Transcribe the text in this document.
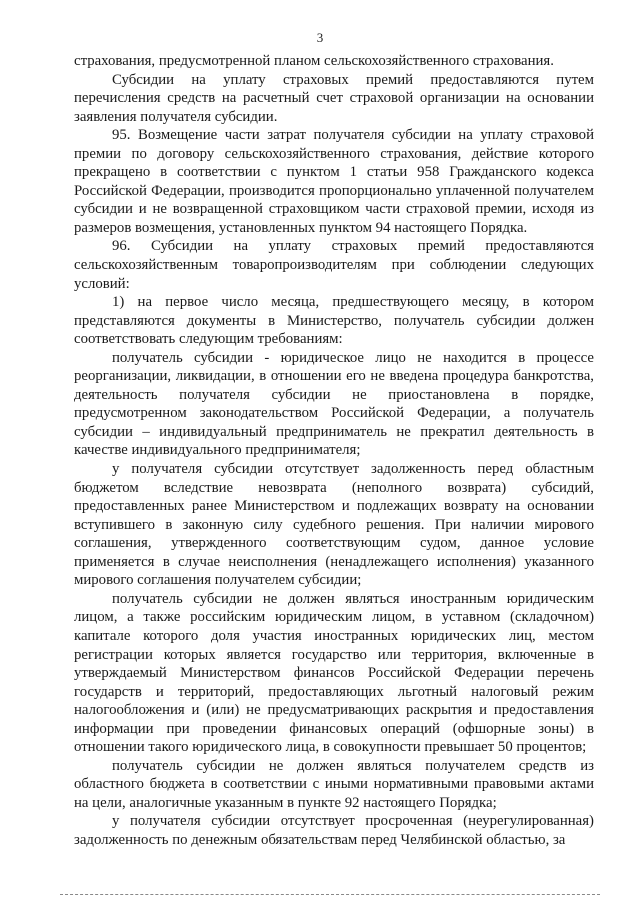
3

страхования, предусмотренной планом сельскохозяйственного страхования.

Субсидии на уплату страховых премий предоставляются путем перечисления средств на расчетный счет страховой организации на основании заявления получателя субсидии.

95. Возмещение части затрат получателя субсидии на уплату страховой премии по договору сельскохозяйственного страхования, действие которого прекращено в соответствии с пунктом 1 статьи 958 Гражданского кодекса Российской Федерации, производится пропорционально уплаченной получателем субсидии и не возвращенной страховщиком части страховой премии, исходя из размеров возмещения, установленных пунктом 94 настоящего Порядка.

96. Субсидии на уплату страховых премий предоставляются сельскохозяйственным товаропроизводителям при соблюдении следующих условий:

1) на первое число месяца, предшествующего месяцу, в котором представляются документы в Министерство, получатель субсидии должен соответствовать следующим требованиям:

получатель субсидии - юридическое лицо не находится в процессе реорганизации, ликвидации, в отношении его не введена процедура банкротства, деятельность получателя субсидии не приостановлена в порядке, предусмотренном законодательством Российской Федерации, а получатель субсидии – индивидуальный предприниматель не прекратил деятельность в качестве индивидуального предпринимателя;

у получателя субсидии отсутствует задолженность перед областным бюджетом вследствие невозврата (неполного возврата) субсидий, предоставленных ранее Министерством и подлежащих возврату на основании вступившего в законную силу судебного решения. При наличии мирового соглашения, утвержденного соответствующим судом, данное условие применяется в случае неисполнения (ненадлежащего исполнения) указанного мирового соглашения получателем субсидии;

получатель субсидии не должен являться иностранным юридическим лицом, а также российским юридическим лицом, в уставном (складочном) капитале которого доля участия иностранных юридических лиц, местом регистрации которых является государство или территория, включенные в утверждаемый Министерством финансов Российской Федерации перечень государств и территорий, предоставляющих льготный налоговый режим налогообложения и (или) не предусматривающих раскрытия и предоставления информации при проведении финансовых операций (офшорные зоны) в отношении такого юридического лица, в совокупности превышает 50 процентов;

получатель субсидии не должен являться получателем средств из областного бюджета в соответствии с иными нормативными правовыми актами на цели, аналогичные указанным в пункте 92 настоящего Порядка;

у получателя субсидии отсутствует просроченная (неурегулированная) задолженность по денежным обязательствам перед Челябинской областью, за
